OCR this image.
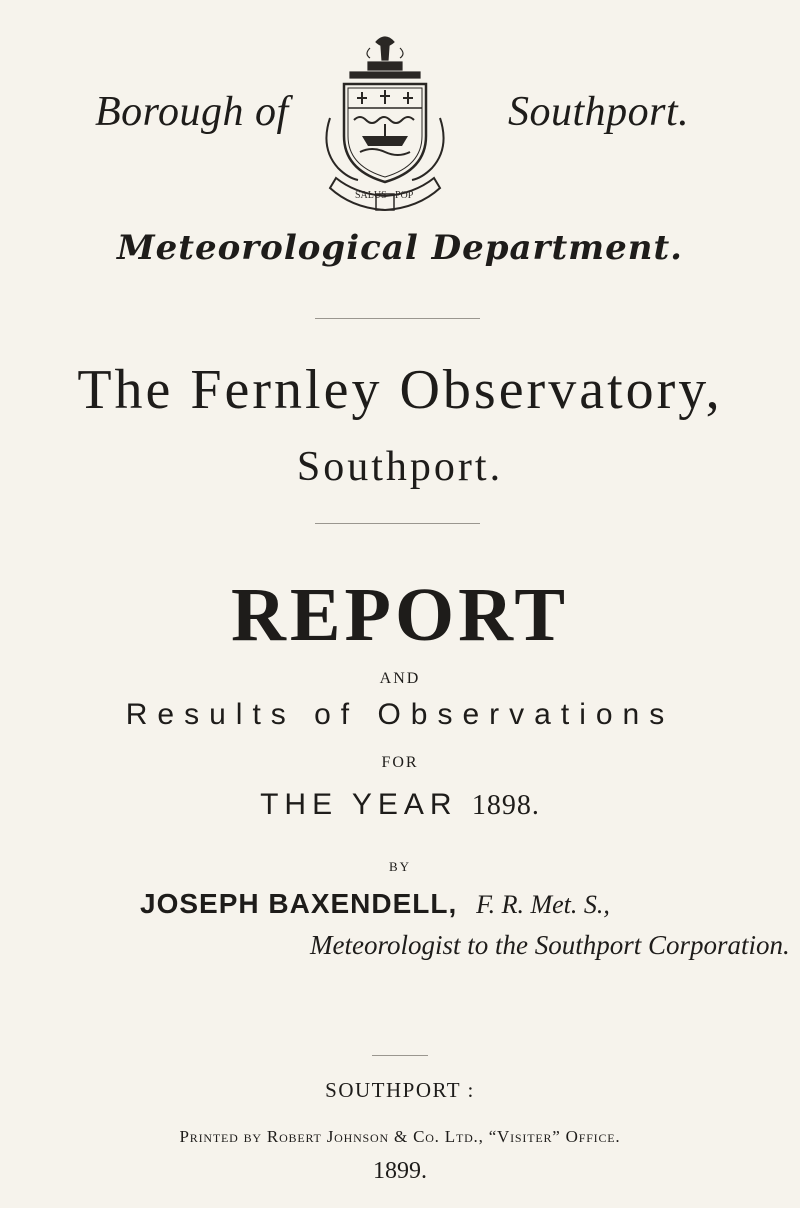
Borough of
SALUS POP
Southport.
Meteorological Department.
The Fernley Observatory,
Southport.
REPORT
AND
Results of Observations
FOR
THE YEAR 1898.
BY
JOSEPH BAXENDELL, F. R. Met. S.,
Meteorologist to the Southport Corporation.
SOUTHPORT :
Printed by Robert Johnson & Co. Ltd., “Visiter” Office.
1899.
